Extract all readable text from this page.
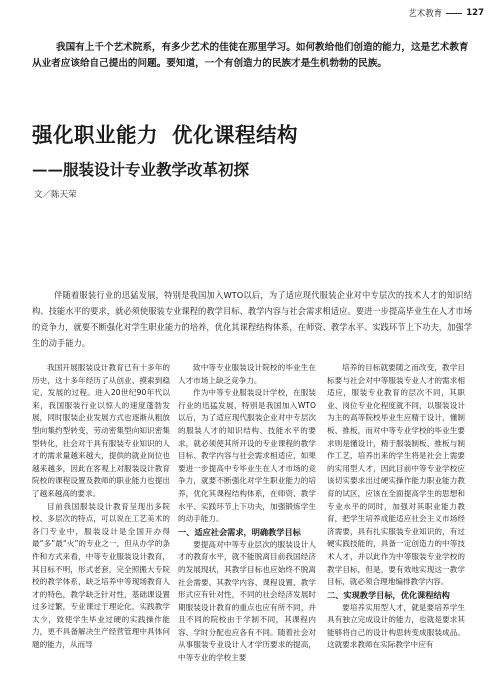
艺术教育	127
我国有上千个艺术院系，有多少艺术的佳徒在那里学习。如何教给他们创造的能力，这是艺术教育从业者应该给自己提出的问题。要知道，一个有创造力的民族才是生机勃勃的民族。
强化职业能力 优化课程结构
——服装设计专业教学改革初探
文／陈天荣
伴随着服装行业的迅猛发展，特别是我国加入WTO以后，为了适应现代服装企业对中专层次的技术人才的知识结构、技能水平的要求，就必须使服装专业课程的教学目标、教学内容与社会需求相适应。要进一步提高毕业生在人才市场的竞争力，就要不断强化对学生职业能力的培养，优化其课程结构体系，在师资、教学水平、实践环节上下功夫，加强学生的动手能力。

我国开展服装设计教育已有十多年的历史，这十多年经历了从创业、摸索到稳定、发展的过程。进入20世纪90年代以来，我国服装行业以惊人的速度蓬勃发展，同时服装企业发展方式也逐渐从粗放型向集约型转变，劳动密集型向知识密集型转化，社会对于具有服装专业知识的人才的需求量越来越大，提供的就业岗位也越来越多，因此在客观上对服装设计教育院校的课程设置及教师的职业能力也提出了越来越高的要求。

目前我国服装设计教育呈现出多院校、多层次的特点，可以说在工艺美术的各门专业中，服装设计是全国开办得最“多”最“火”的专业之一，但从办学的条件和方式来看，中等专业服装设计教育，其目标不明，形式老套，完全照搬大专院校的教学体系，缺乏培养中等现场教育人才的特色，教学缺乏针对性，基础课设置过多过繁，专业课过于理论化，实践教学太少，致使学生毕业过硬的实践操作能力，更不具备解决生产经营管理中具体问题的能力，从而导

致中等专业服装设计院校的毕业生在人才市场上缺乏竞争力。

作为中等专业服装设计学校，在服装行业的迅猛发展，特别是我国加入WTO以后，为了适应现代服装企业对中专层次的服装人才的知识结构、技能水平的要求，就必须使其所开设的专业课程的教学目标、教学内容与社会需求相适应，如果要进一步提高中专毕业生在人才市场的竞争力，就要不断强化对学生职业能力的培养，优化其课程结构体系，在师资、教学水平、实践环节上下功夫，加强锻炼学生的动手能力。

一、适应社会需求，明确教学目标

要提高对中等专业层次的服装设计人才的教育水平，就不能脱离目前我国经济的发展现状，其教学目标也应始终不脱离社会需要。其教学内容、课程设置、教学形式应有针对性，不同的社会经济发展时期服装设计教育的重点也应有所不同，并且不同的院校由于学制不同，其课程内容、学时分配也应各有不同。随着社会对从事服装专业设计人才学历要求的提高，中等专业的学校主要

培养的目标就要随之而改变，教学目标要与社会对中等服装专业人才的需求相适应，服装专业教育的层次不同，其职业、岗位专业化程度就不同，以服装设计为主的高等院校毕业生应精于设计，懂制板、推板，而对中等专业学校的毕业生要求则是懂设计，精于服装制板、推板与制作工艺，培养出来的学生将是社会上需要的实用型人才，因此目前中等专业学校应该切实要求出过硬实操作能力职业能力教育的试区，应该在全面提高学生的思想和专业水平的同时，加强对其职业能力教育，把学生培养成能适应社会主义市场经济需要，具有扎实服装专业知识的，有过硬实践技能的，具备一定创造力的中等技术人才，并以此作为中等服装专业学校的教学目标，但是，要有效地实现这一教学目标，就必须合理地编排教学内容。

二、实现教学目标，优化课程结构

要培养实用型人才，就是要培养学生具有独立完成设计的能力，也就是要求其能够将自己的设计构思转变成服装成品。这就要求教师在实际教学中应有
